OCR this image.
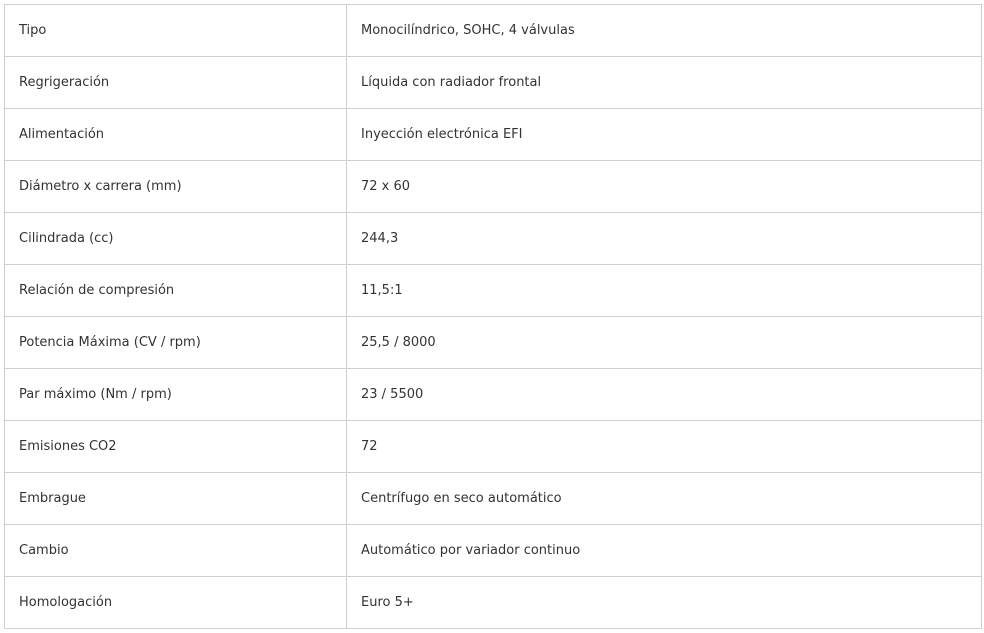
Tipo	Monocilíndrico, SOHC, 4 válvulas
Regrigeración	Líquida con radiador frontal
Alimentación	Inyección electrónica EFI
Diámetro x carrera (mm)	72 x 60
Cilindrada (cc)	244,3
Relación de compresión	11,5:1
Potencia Máxima (CV / rpm)	25,5 / 8000
Par máximo (Nm / rpm)	23 / 5500
Emisiones CO2	72
Embrague	Centrífugo en seco automático
Cambio	Automático por variador continuo
Homologación	Euro 5+
